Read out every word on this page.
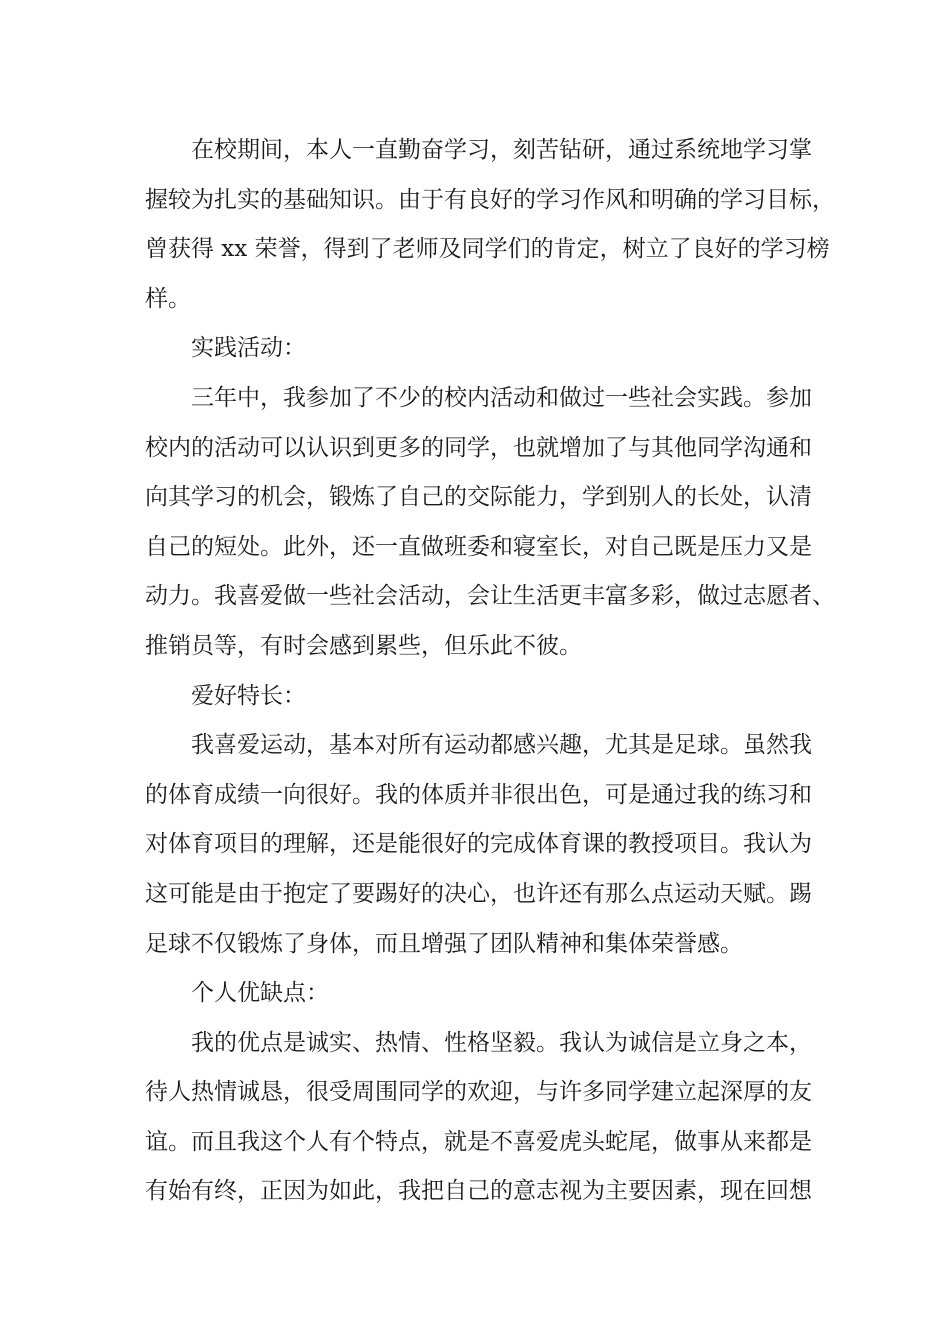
在校期间，本人一直勤奋学习，刻苦钻研，通过系统地学习掌
握较为扎实的基础知识。由于有良好的学习作风和明确的学习目标，
曾获得 xx 荣誉，得到了老师及同学们的肯定，树立了良好的学习榜
样。

实践活动：

三年中，我参加了不少的校内活动和做过一些社会实践。参加
校内的活动可以认识到更多的同学，也就增加了与其他同学沟通和
向其学习的机会，锻炼了自己的交际能力，学到别人的长处，认清
自己的短处。此外，还一直做班委和寝室长，对自己既是压力又是
动力。我喜爱做一些社会活动，会让生活更丰富多彩，做过志愿者、
推销员等，有时会感到累些，但乐此不彼。

爱好特长：

我喜爱运动，基本对所有运动都感兴趣，尤其是足球。虽然我
的体育成绩一向很好。我的体质并非很出色，可是通过我的练习和
对体育项目的理解，还是能很好的完成体育课的教授项目。我认为
这可能是由于抱定了要踢好的决心，也许还有那么点运动天赋。踢
足球不仅锻炼了身体，而且增强了团队精神和集体荣誉感。

个人优缺点：

我的优点是诚实、热情、性格坚毅。我认为诚信是立身之本，
待人热情诚恳，很受周围同学的欢迎，与许多同学建立起深厚的友
谊。而且我这个人有个特点，就是不喜爱虎头蛇尾，做事从来都是
有始有终，正因为如此，我把自己的意志视为主要因素，现在回想
